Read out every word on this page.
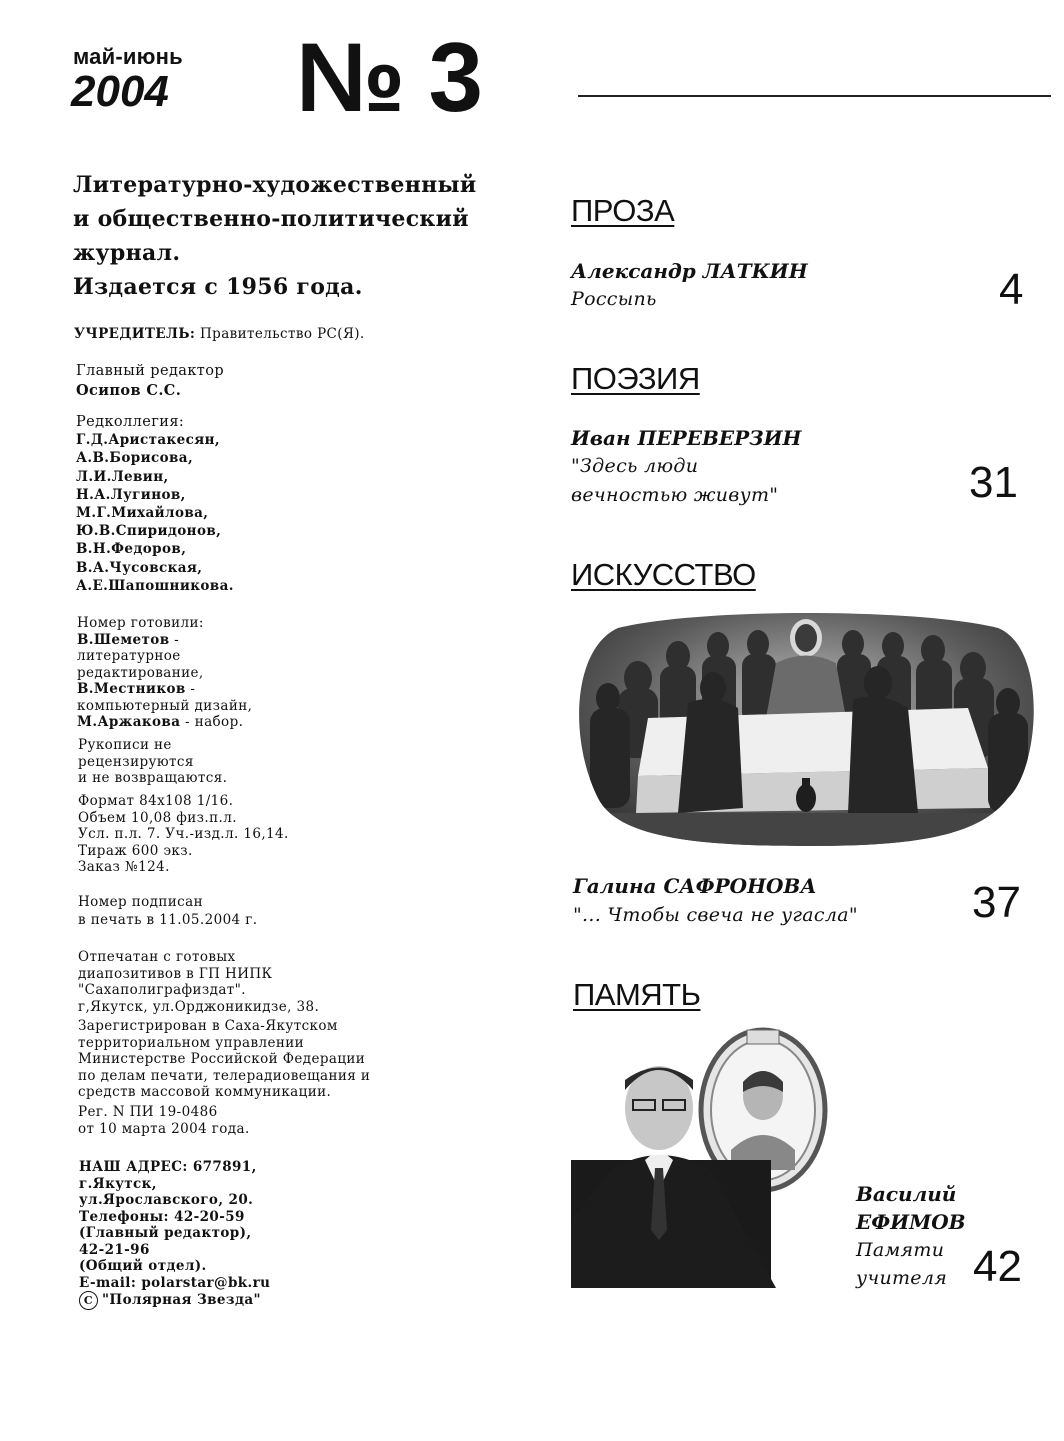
май-июнь
2004 № 3
Литературно-художественный
и общественно-политический
журнал.
Издается с 1956 года.
УЧРЕДИТЕЛЬ: Правительство РС(Я).
Главный редактор
Осипов С.С.
Редколлегия:
Г.Д.Аристакесян,
А.В.Борисова,
Л.И.Левин,
Н.А.Лугинов,
М.Г.Михайлова,
Ю.В.Спиридонов,
В.Н.Федоров,
В.А.Чусовская,
А.Е.Шапошникова.
Номер готовили:
В.Шеметов -
литературное
редактирование,
В.Местников -
компьютерный дизайн,
М.Аржакова - набор.
Рукописи не
рецензируются
и не возвращаются.
Формат 84х108 1/16.
Объем 10,08 физ.п.л.
Усл. п.л. 7. Уч.-изд.л. 16,14.
Тираж 600 экз.
Заказ №124.
Номер подписан
в печать в 11.05.2004 г.
Отпечатан с готовых
диапозитивов в ГП НИПК
"Сахаполиграфиздат".
г,Якутск, ул.Орджоникидзе, 38.
Зарегистрирован в Саха-Якутском
территориальном управлении
Министерстве Российской Федерации
по делам печати, телерадиовещания и
средств массовой коммуникации.
Рег. N ПИ 19-0486
от 10 марта 2004 года.
НАШ АДРЕС: 677891,
г.Якутск,
ул.Ярославского, 20.
Телефоны: 42-20-59
(Главный редактор),
42-21-96
(Общий отдел).
E-mail: polarstar@bk.ru
C "Полярная Звезда"
ПРОЗА
Александр ЛАТКИН
Россыпь	4
ПОЭЗИЯ
Иван ПЕРЕВЕРЗИН
"Здесь люди
вечностью живут"	31
ИСКУССТВО
Галина САФРОНОВА
"... Чтобы свеча не угасла"	37
ПАМЯТЬ
Василий
ЕФИМОВ
Памяти
учителя 42
